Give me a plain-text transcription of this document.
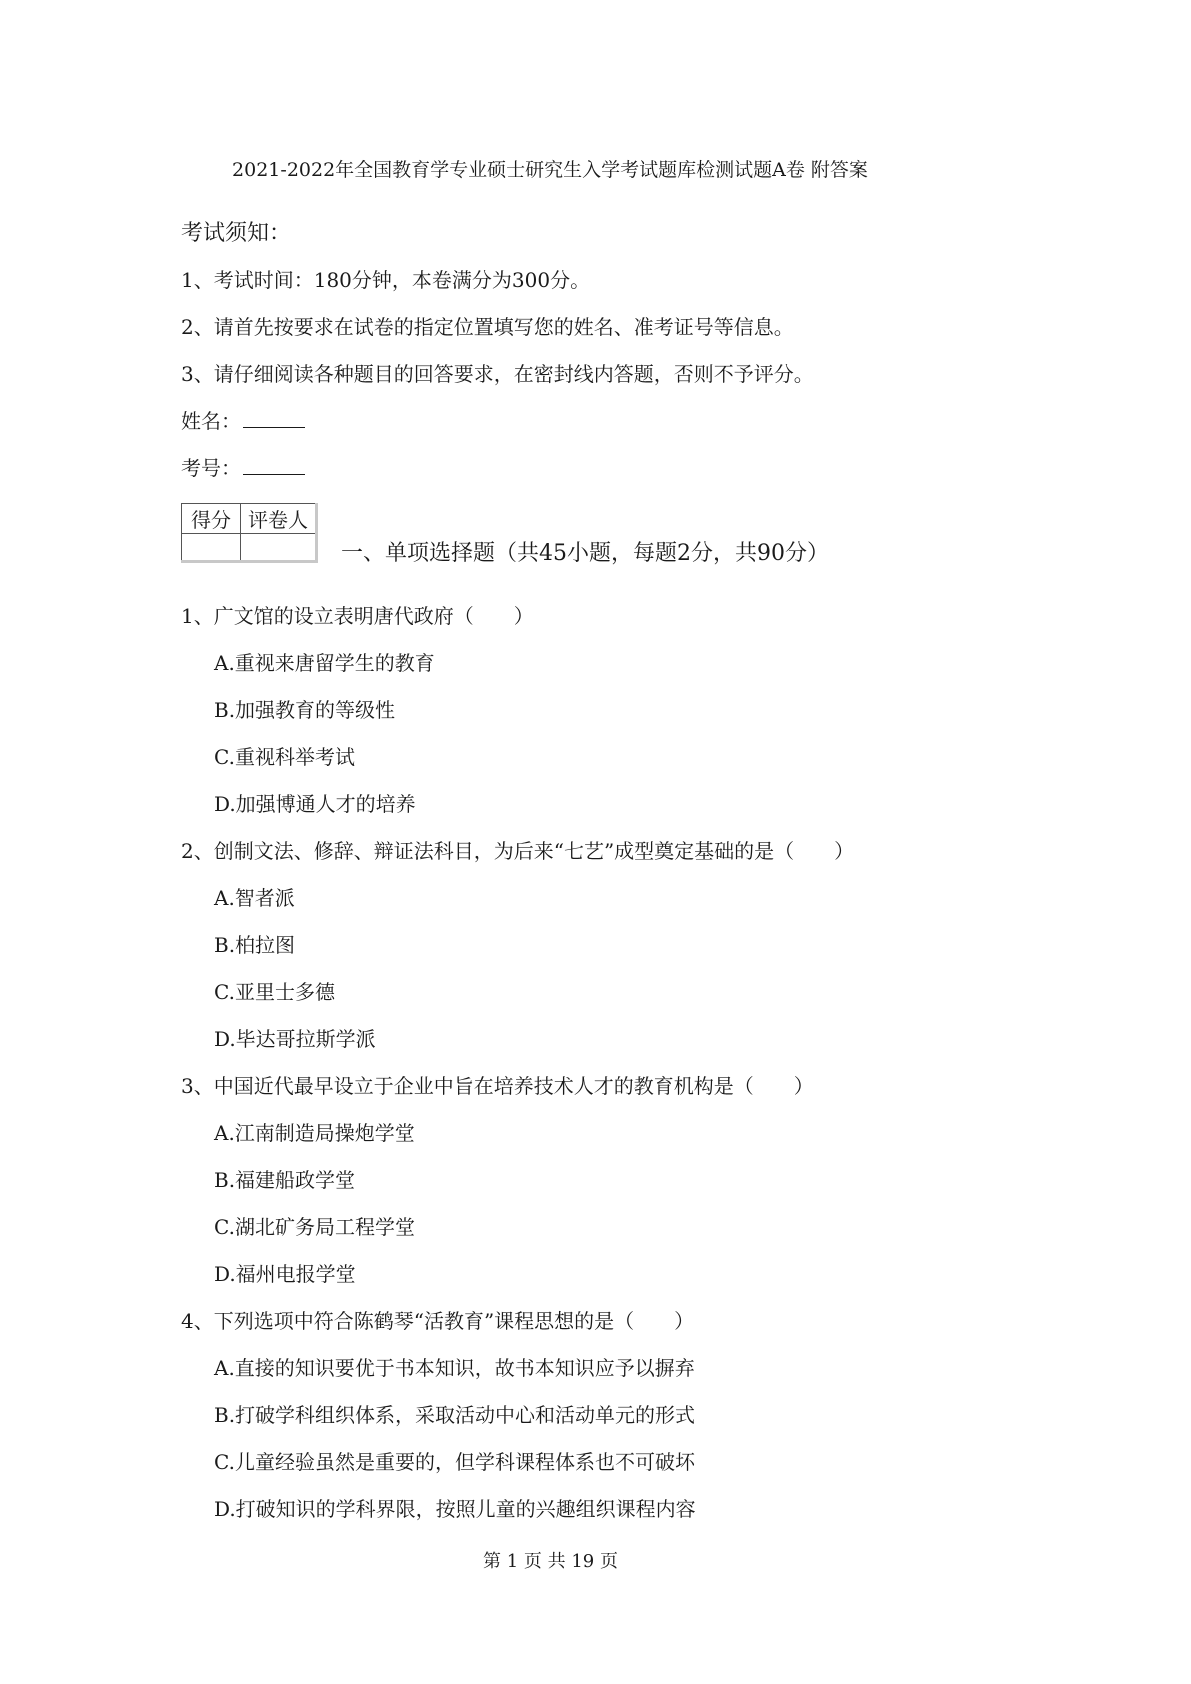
2021-2022年全国教育学专业硕士研究生入学考试题库检测试题A卷 附答案
考试须知：
1、考试时间：180分钟，本卷满分为300分。
2、请首先按要求在试卷的指定位置填写您的姓名、准考证号等信息。
3、请仔细阅读各种题目的回答要求，在密封线内答题，否则不予评分。
姓名：
考号：
得分	评卷人

一、单项选择题（共45小题，每题2分，共90分）
1、广文馆的设立表明唐代政府（　　）
A.重视来唐留学生的教育
B.加强教育的等级性
C.重视科举考试
D.加强博通人才的培养
2、创制文法、修辞、辩证法科目，为后来“七艺”成型奠定基础的是（　　）
A.智者派
B.柏拉图
C.亚里士多德
D.毕达哥拉斯学派
3、中国近代最早设立于企业中旨在培养技术人才的教育机构是（　　）
A.江南制造局操炮学堂
B.福建船政学堂
C.湖北矿务局工程学堂
D.福州电报学堂
4、下列选项中符合陈鹤琴“活教育”课程思想的是（　　）
A.直接的知识要优于书本知识，故书本知识应予以摒弃
B.打破学科组织体系，采取活动中心和活动单元的形式
C.儿童经验虽然是重要的，但学科课程体系也不可破坏
D.打破知识的学科界限，按照儿童的兴趣组织课程内容
第 1 页 共 19 页
